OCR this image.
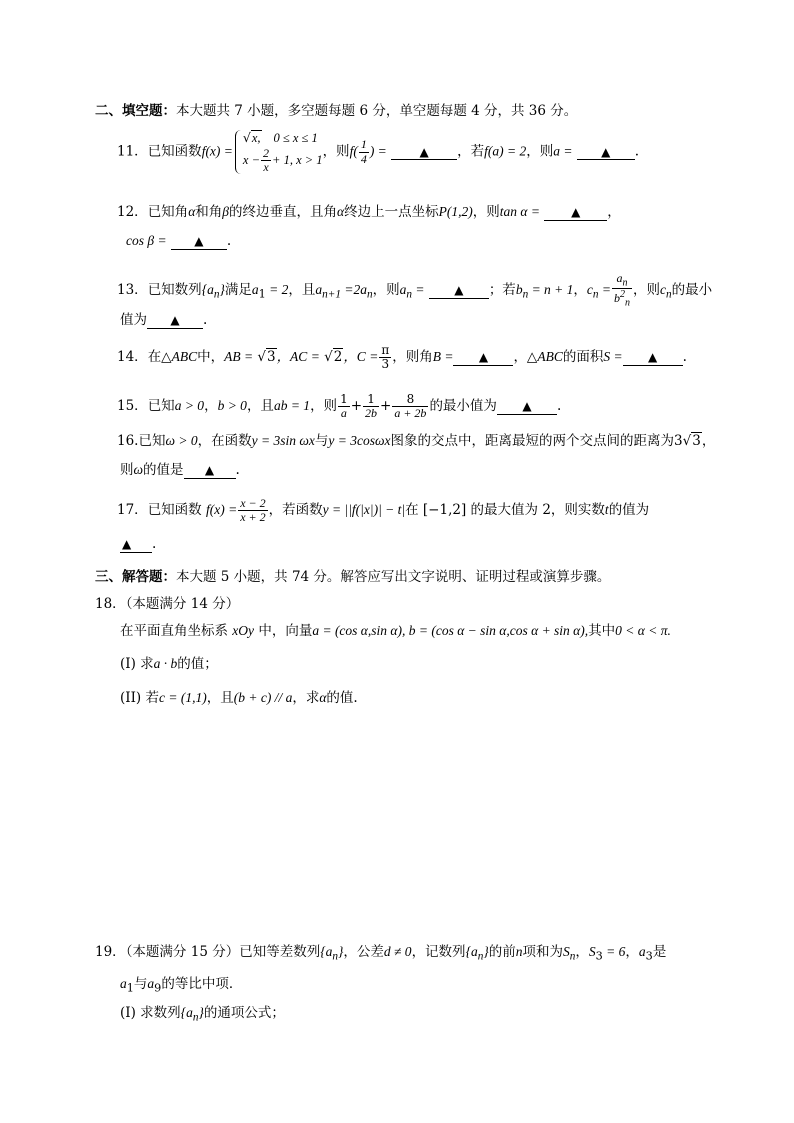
二、填空题：本大题共 7 小题，多空题每题 6 分，单空题每题 4 分，共 36 分。
11．已知函数f(x) =
√x, 0 ≤ x ≤ 1
$x - \frac{2}{x} + 1$, x > 1
，则$f( \frac{1}{4}$ ) =	▲ ，若f(a) = 2，则a = ▲ .
12．已知角α和角β的终边垂直，且角α终边上一点坐标P(1,2)，则tan α =	▲ ，
cos β = ▲ .
13．已知数列$\{a_n\}$满足$a_1 = 2$，且$a_{n+1} =2a_n$，则$a_n$ = ▲ ；若$b_n = n + 1$，$c_n = \frac{a_n}{b^2_n}$ ，则$c_n$的最小
值为 ▲ .
14．在△ABC中，AB = √3，AC = √2，$C = \frac{\pi}{3}$ ，则角B = ▲ ，△ABC的面积S = ▲ .
15．已知a > 0，b > 0，且ab = 1，则 $\frac{1}{a} + \frac{1}{2b} + \frac{8}{a + 2b}$ 的最小值为 ▲ .
16.已知ω > 0，在函数y = 3sin ωx与y = 3cosωx图象的交点中，距离最短的两个交点间的距离为3√3，
则ω的值是 ▲ .
17．已知函数 $f(x) = \frac{x - 2}{x + 2}$ ，若函数y = ||f(|x|)| − t|在 [−1,2] 的最大值为 2，则实数t的值为
▲ .
三、解答题：本大题 5 小题，共 74 分。解答应写出文字说明、证明过程或演算步骤。
18．（本题满分 14 分）
在平面直角坐标系 xOy 中，向量a = (cos α,sin α), b = (cos α − sin α,cos α + sin α),其中0 < α < π.
(I) 求a · b的值；
(II) 若c = (1,1)，且(b + c) // a，求α的值.
19．（本题满分 15 分）已知等差数列$\{a_n\}$，公差d ≠ 0，记数列$\{a_n\}$的前n项和为$S_n$，$S_3 = 6$，$a_3$是
$a_1$与$a_9$的等比中项．
(I) 求数列$\{a_n\}$的通项公式；
